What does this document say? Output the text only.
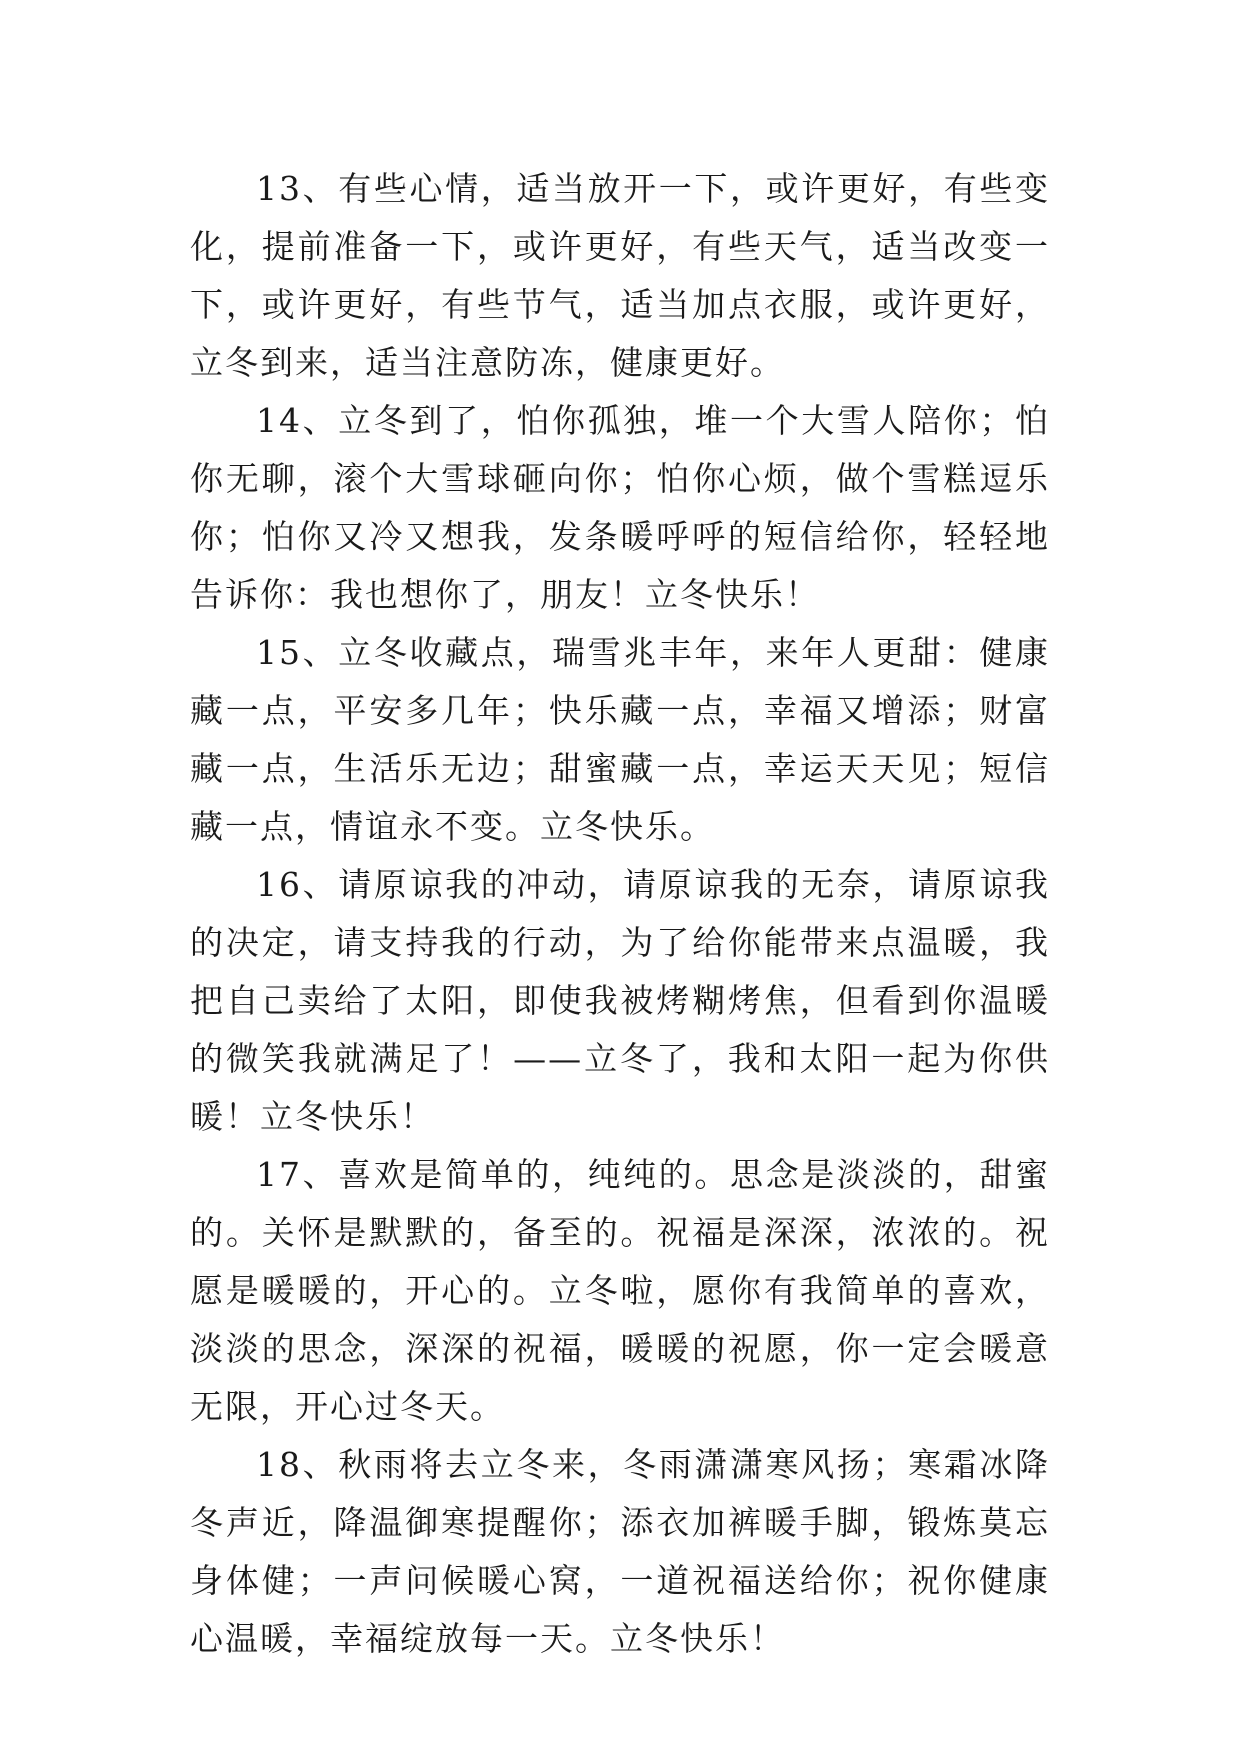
13、有些心情，适当放开一下，或许更好，有些变化，提前准备一下，或许更好，有些天气，适当改变一下，或许更好，有些节气，适当加点衣服，或许更好，立冬到来，适当注意防冻，健康更好。

14、立冬到了，怕你孤独，堆一个大雪人陪你；怕你无聊，滚个大雪球砸向你；怕你心烦，做个雪糕逗乐你；怕你又冷又想我，发条暖呼呼的短信给你，轻轻地告诉你：我也想你了，朋友！立冬快乐！

15、立冬收藏点，瑞雪兆丰年，来年人更甜：健康藏一点，平安多几年；快乐藏一点，幸福又增添；财富藏一点，生活乐无边；甜蜜藏一点，幸运天天见；短信藏一点，情谊永不变。立冬快乐。

16、请原谅我的冲动，请原谅我的无奈，请原谅我的决定，请支持我的行动，为了给你能带来点温暖，我把自己卖给了太阳，即使我被烤糊烤焦，但看到你温暖的微笑我就满足了！——立冬了，我和太阳一起为你供暖！立冬快乐！

17、喜欢是简单的，纯纯的。思念是淡淡的，甜蜜的。关怀是默默的，备至的。祝福是深深，浓浓的。祝愿是暖暖的，开心的。立冬啦，愿你有我简单的喜欢，淡淡的思念，深深的祝福，暖暖的祝愿，你一定会暖意无限，开心过冬天。

18、秋雨将去立冬来，冬雨潇潇寒风扬；寒霜冰降冬声近，降温御寒提醒你；添衣加裤暖手脚，锻炼莫忘身体健；一声问候暖心窝，一道祝福送给你；祝你健康心温暖，幸福绽放每一天。立冬快乐！
